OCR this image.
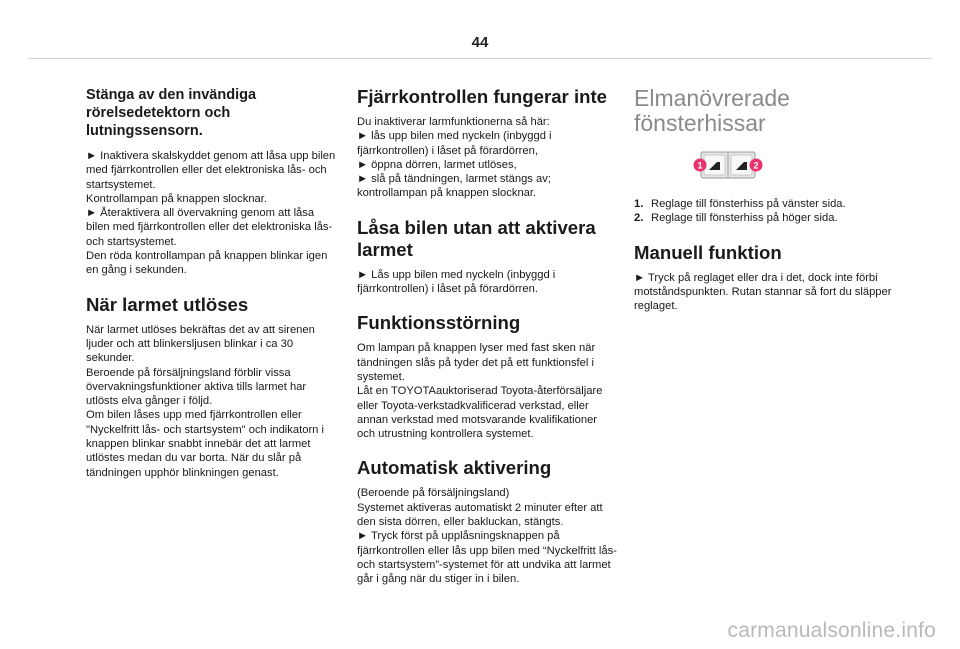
44
Stänga av den invändiga rörelsedetektorn och lutningssensorn.

► Inaktivera skalskyddet genom att låsa upp bilen med fjärrkontrollen eller det elektroniska lås- och startsystemet.
Kontrollampan på knappen slocknar.
► Återaktivera all övervakning genom att låsa bilen med fjärrkontrollen eller det elektroniska lås- och startsystemet.
Den röda kontrollampan på knappen blinkar igen en gång i sekunden.

När larmet utlöses

När larmet utlöses bekräftas det av att sirenen ljuder och att blinkersljusen blinkar i ca 30 sekunder.
Beroende på försäljningsland förblir vissa övervakningsfunktioner aktiva tills larmet har utlösts elva gånger i följd.
Om bilen låses upp med fjärrkontrollen eller "Nyckelfritt lås- och startsystem" och indikatorn i knappen blinkar snabbt innebär det att larmet utlöstes medan du var borta. När du slår på tändningen upphör blinkningen genast.

Fjärrkontrollen fungerar inte

Du inaktiverar larmfunktionerna så här:
► lås upp bilen med nyckeln (inbyggd i fjärrkontrollen) i låset på förardörren,
► öppna dörren, larmet utlöses,
► slå på tändningen, larmet stängs av; kontrollampan på knappen slocknar.

Låsa bilen utan att aktivera larmet

► Lås upp bilen med nyckeln (inbyggd i fjärrkontrollen) i låset på förardörren.

Funktionsstörning

Om lampan på knappen lyser med fast sken när tändningen slås på tyder det på ett funktionsfel i systemet.
Låt en TOYOTAauktoriserad Toyota-återförsäljare eller Toyota-verkstadkvalificerad verkstad, eller annan verkstad med motsvarande kvalifikationer och utrustning kontrollera systemet.

Automatisk aktivering

(Beroende på försäljningsland)
Systemet aktiveras automatiskt 2 minuter efter att den sista dörren, eller bakluckan, stängts.
► Tryck först på upplåsningsknappen på fjärrkontrollen eller lås upp bilen med “Nyckelfritt lås- och startsystem”-systemet för att undvika att larmet går i gång när du stiger in i bilen.

Elmanövrerade fönsterhissar
1	2
1. Reglage till fönsterhiss på vänster sida.
2. Reglage till fönsterhiss på höger sida.
Manuell funktion

► Tryck på reglaget eller dra i det, dock inte förbi motståndspunkten. Rutan stannar så fort du släpper reglaget.

carmanualsonline.info
